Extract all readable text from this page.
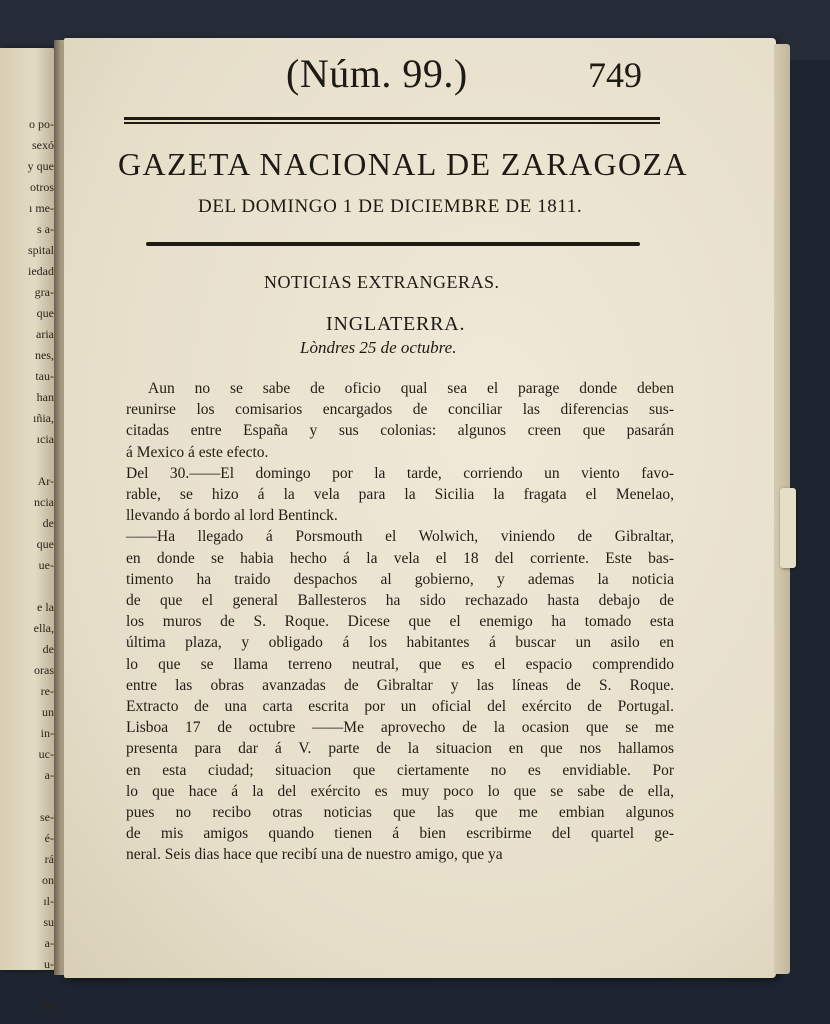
o po-
sexó
y que
otros
ı me-
s a-
spital
iedad
gra-
que
aria
nes,
tau-
han
ıñia,
ıcia
Ar-
ncia
de
que
ue-
e la
ella,
de
oras
re-
un
in-
uc-
a-
se-
é-
rá
on
ıl-
su
a-
u-
94
(Núm. 99.)	749
GAZETA NACIONAL DE ZARAGOZA
DEL DOMINGO 1 DE DICIEMBRE DE 1811.
NOTICIAS EXTRANGERAS.
INGLATERRA.
Lòndres 25 de octubre.
Aun no se sabe de oficio qual sea el parage donde deben
reunirse los comisarios encargados de conciliar las diferencias sus-
citadas entre España y sus colonias: algunos creen que pasarán
á Mexico á este efecto.
Del 30.——El domingo por la tarde, corriendo un viento favo-
rable, se hizo á la vela para la Sicilia la fragata el Menelao,
llevando á bordo al lord Bentinck.
——Ha llegado á Porsmouth el Wolwich, viniendo de Gibraltar,
en donde se habia hecho á la vela el 18 del corriente. Este bas-
timento ha traido despachos al gobierno, y ademas la noticia
de que el general Ballesteros ha sido rechazado hasta debajo de
los muros de S. Roque. Dicese que el enemigo ha tomado esta
última plaza, y obligado á los habitantes á buscar un asilo en
lo que se llama terreno neutral, que es el espacio comprendido
entre las obras avanzadas de Gibraltar y las líneas de S. Roque.
Extracto de una carta escrita por un oficial del exército de Portugal.
Lisboa 17 de octubre ——Me aprovecho de la ocasion que se me
presenta para dar á V. parte de la situacion en que nos hallamos
en esta ciudad; situacion que ciertamente no es envidiable. Por
lo que hace á la del exército es muy poco lo que se sabe de ella,
pues no recibo otras noticias que las que me embian algunos
de mis amigos quando tienen á bien escribirme del quartel ge-
neral. Seis dias hace que recibí una de nuestro amigo, que ya
